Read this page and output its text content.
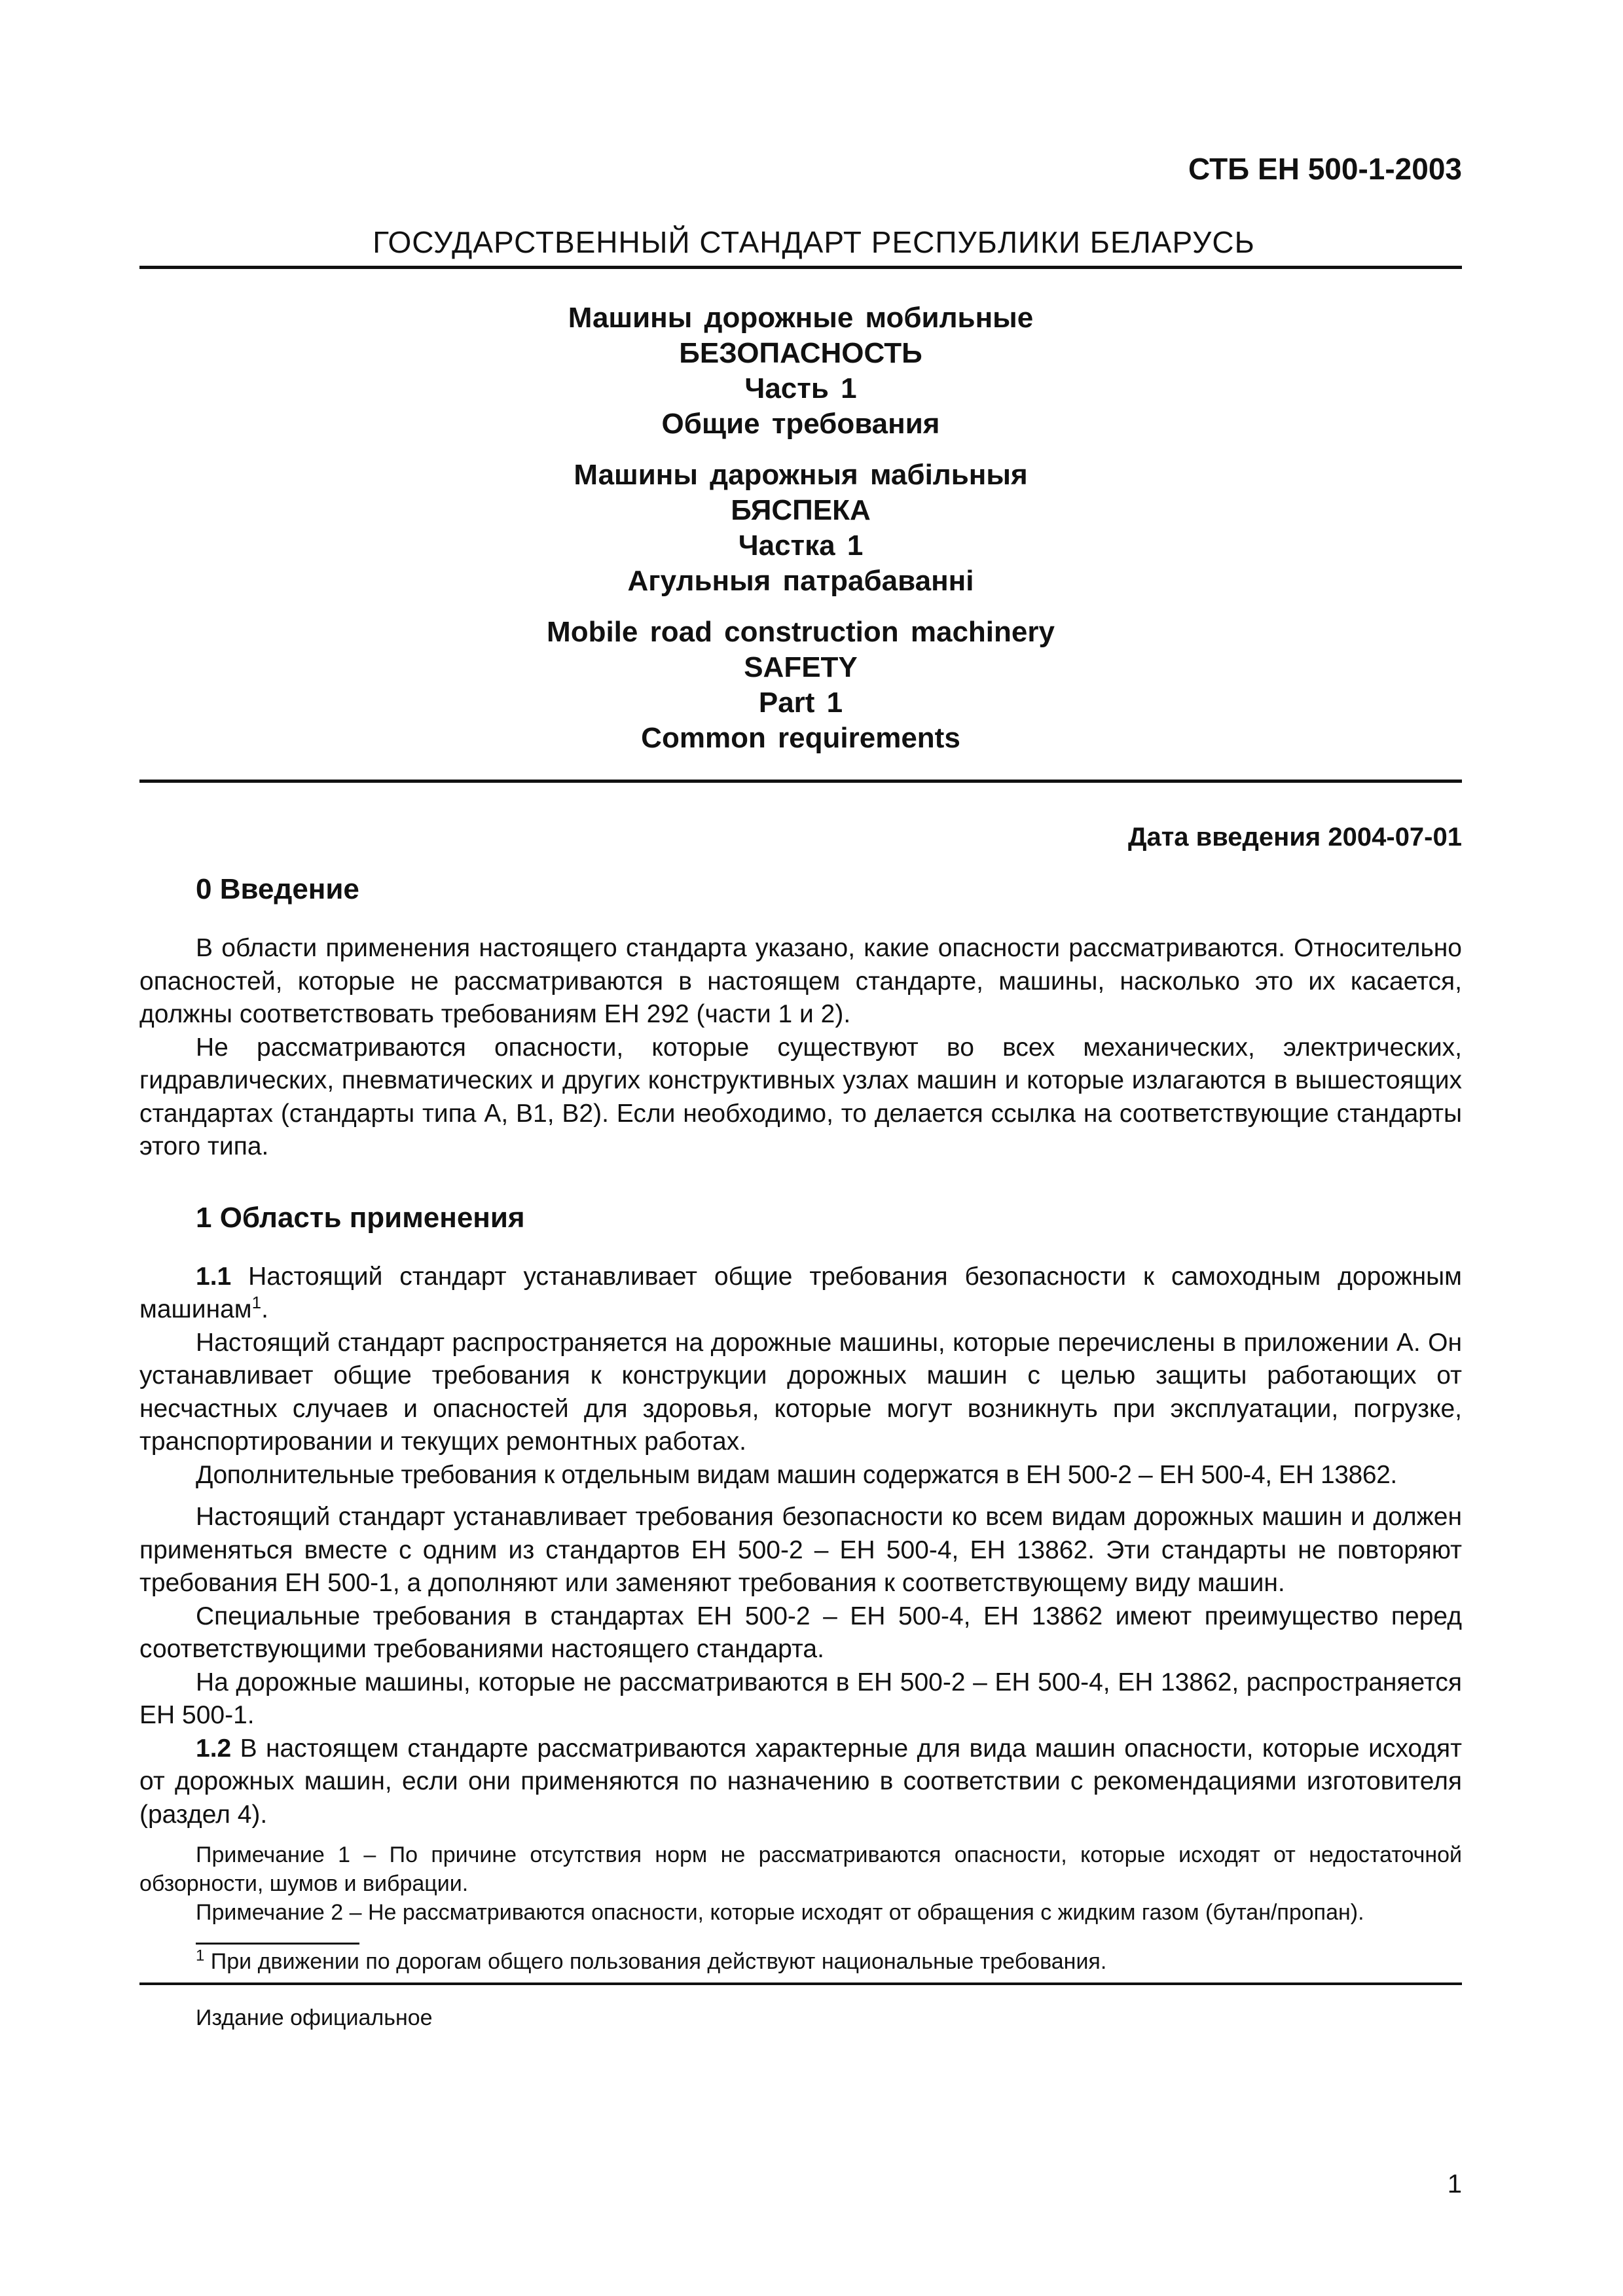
СТБ ЕН 500-1-2003
ГОСУДАРСТВЕННЫЙ СТАНДАРТ РЕСПУБЛИКИ БЕЛАРУСЬ
Машины дорожные мобильные
БЕЗОПАСНОСТЬ
Часть 1
Общие требования
Машины дарожныя мабільныя
БЯСПЕКА
Частка 1
Агульныя патрабаванні
Mobile road construction machinery
SAFETY
Part 1
Common requirements
Дата введения 2004-07-01
0 Введение

В области применения настоящего стандарта указано, какие опасности рассматриваются. Относительно опасностей, которые не рассматриваются в настоящем стандарте, машины, насколько это их касается, должны соответствовать требованиям ЕН 292 (части 1 и 2).

Не рассматриваются опасности, которые существуют во всех механических, электрических, гидравлических, пневматических и других конструктивных узлах машин и которые излагаются в вышестоящих стандартах (стандарты типа А, В1, В2). Если необходимо, то делается ссылка на соответствующие стандарты этого типа.

1 Область применения

1.1 Настоящий стандарт устанавливает общие требования безопасности к самоходным дорожным машинам$^1$.

Настоящий стандарт распространяется на дорожные машины, которые перечислены в приложении А. Он устанавливает общие требования к конструкции дорожных машин с целью защиты работающих от несчастных случаев и опасностей для здоровья, которые могут возникнуть при эксплуатации, погрузке, транспортировании и текущих ремонтных работах.

Дополнительные требования к отдельным видам машин содержатся в ЕН 500-2 – ЕН 500-4, ЕН 13862.

Настоящий стандарт устанавливает требования безопасности ко всем видам дорожных машин и должен применяться вместе с одним из стандартов ЕН 500-2 – ЕН 500-4, ЕН 13862. Эти стандарты не повторяют требования ЕН 500-1, а дополняют или заменяют требования к соответствующему виду машин.

Специальные требования в стандартах ЕН 500-2 – ЕН 500-4, ЕН 13862 имеют преимущество перед соответствующими требованиями настоящего стандарта.

На дорожные машины, которые не рассматриваются в ЕН 500-2 – ЕН 500-4, ЕН 13862, распространяется ЕН 500-1.

1.2 В настоящем стандарте рассматриваются характерные для вида машин опасности, которые исходят от дорожных машин, если они применяются по назначению в соответствии с рекомендациями изготовителя (раздел 4).

Примечание 1 – По причине отсутствия норм не рассматриваются опасности, которые исходят от недостаточной обзорности, шумов и вибрации.

Примечание 2 – Не рассматриваются опасности, которые исходят от обращения с жидким газом (бутан/пропан).

$^1$ При движении по дорогам общего пользования действуют национальные требования.
Издание официальное
1
